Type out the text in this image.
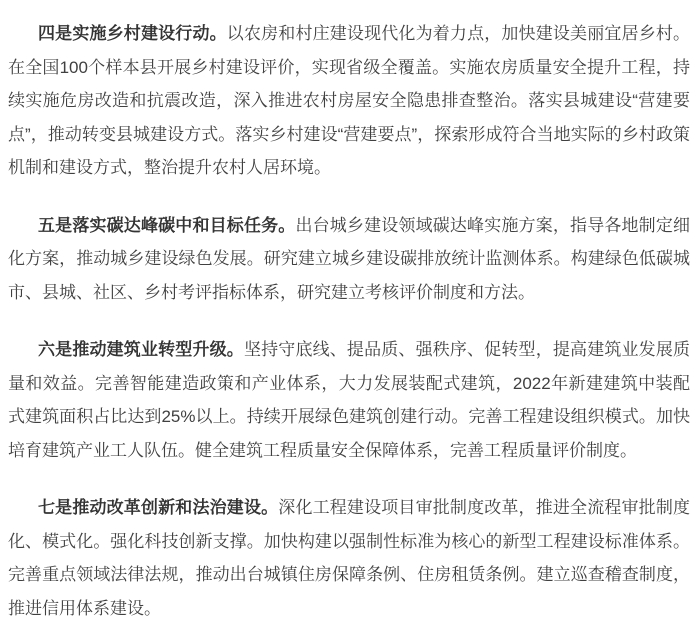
四是实施乡村建设行动。以农房和村庄建设现代化为着力点，加快建设美丽宜居乡村。在全国100个样本县开展乡村建设评价，实现省级全覆盖。实施农房质量安全提升工程，持续实施危房改造和抗震改造，深入推进农村房屋安全隐患排查整治。落实县城建设“营建要点”，推动转变县城建设方式。落实乡村建设“营建要点”，探索形成符合当地实际的乡村政策机制和建设方式，整治提升农村人居环境。

五是落实碳达峰碳中和目标任务。出台城乡建设领域碳达峰实施方案，指导各地制定细化方案，推动城乡建设绿色发展。研究建立城乡建设碳排放统计监测体系。构建绿色低碳城市、县城、社区、乡村考评指标体系，研究建立考核评价制度和方法。

六是推动建筑业转型升级。坚持守底线、提品质、强秩序、促转型，提高建筑业发展质量和效益。完善智能建造政策和产业体系，大力发展装配式建筑，2022年新建建筑中装配式建筑面积占比达到25%以上。持续开展绿色建筑创建行动。完善工程建设组织模式。加快培育建筑产业工人队伍。健全建筑工程质量安全保障体系，完善工程质量评价制度。

七是推动改革创新和法治建设。深化工程建设项目审批制度改革，推进全流程审批制度化、模式化。强化科技创新支撑。加快构建以强制性标准为核心的新型工程建设标准体系。完善重点领域法律法规，推动出台城镇住房保障条例、住房租赁条例。建立巡查稽查制度，推进信用体系建设。
